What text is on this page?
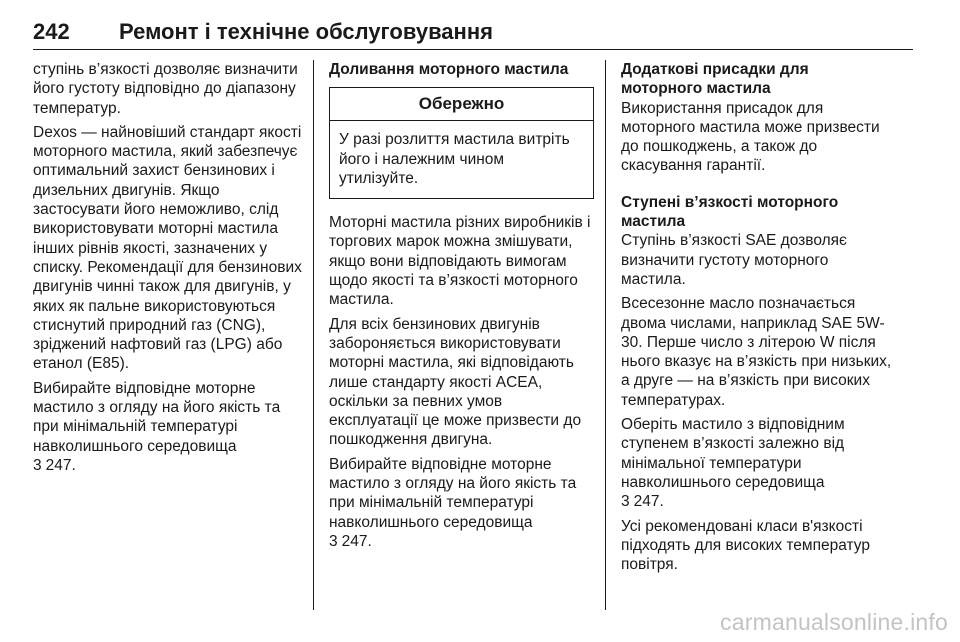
242 Ремонт і технічне обслуговування

ступінь в’язкості дозволяє визначити його густоту відповідно до діапазону температур.

Dexos — найновіший стандарт якості моторного мастила, який забезпечує оптимальний захист бензинових і дизельних двигунів. Якщо застосувати його неможливо, слід використовувати моторні мастила інших рівнів якості, зазначених у списку. Рекомендації для бензинових двигунів чинні також для двигунів, у яких як пальне використовуються стиснутий природний газ (CNG), зріджений нафтовий газ (LPG) або етанол (E85).

Вибирайте відповідне моторне мастило з огляду на його якість та при мінімальній температурі навколишнього середовища
3 247.

Доливання моторного мастила
Обережно
У разі розлиття мастила витріть його і належним чином утилізуйте.

Моторні мастила різних виробників і торгових марок можна змішувати, якщо вони відповідають вимогам щодо якості та в’язкості моторного мастила.

Для всіх бензинових двигунів забороняється використовувати моторні мастила, які відповідають лише стандарту якості ACEA, оскільки за певних умов експлуатації це може призвести до пошкодження двигуна.

Вибирайте відповідне моторне мастило з огляду на його якість та при мінімальній температурі навколишнього середовища
3 247.

Додаткові присадки для моторного мастила

Використання присадок для моторного мастила може призвести до пошкоджень, а також до скасування гарантії.

Ступені в’язкості моторного мастила

Ступінь в’язкості SAE дозволяє визначити густоту моторного мастила.

Всесезонне масло позначається двома числами, наприклад SAE 5W-30. Перше число з літерою W після нього вказує на в’язкість при низьких, а друге — на в’язкість при високих температурах.

Оберіть мастило з відповідним ступенем в’язкості залежно від мінімальної температури навколишнього середовища
3 247.

Усі рекомендовані класи в'язкості підходять для високих температур повітря.

carmanualsonline.info
